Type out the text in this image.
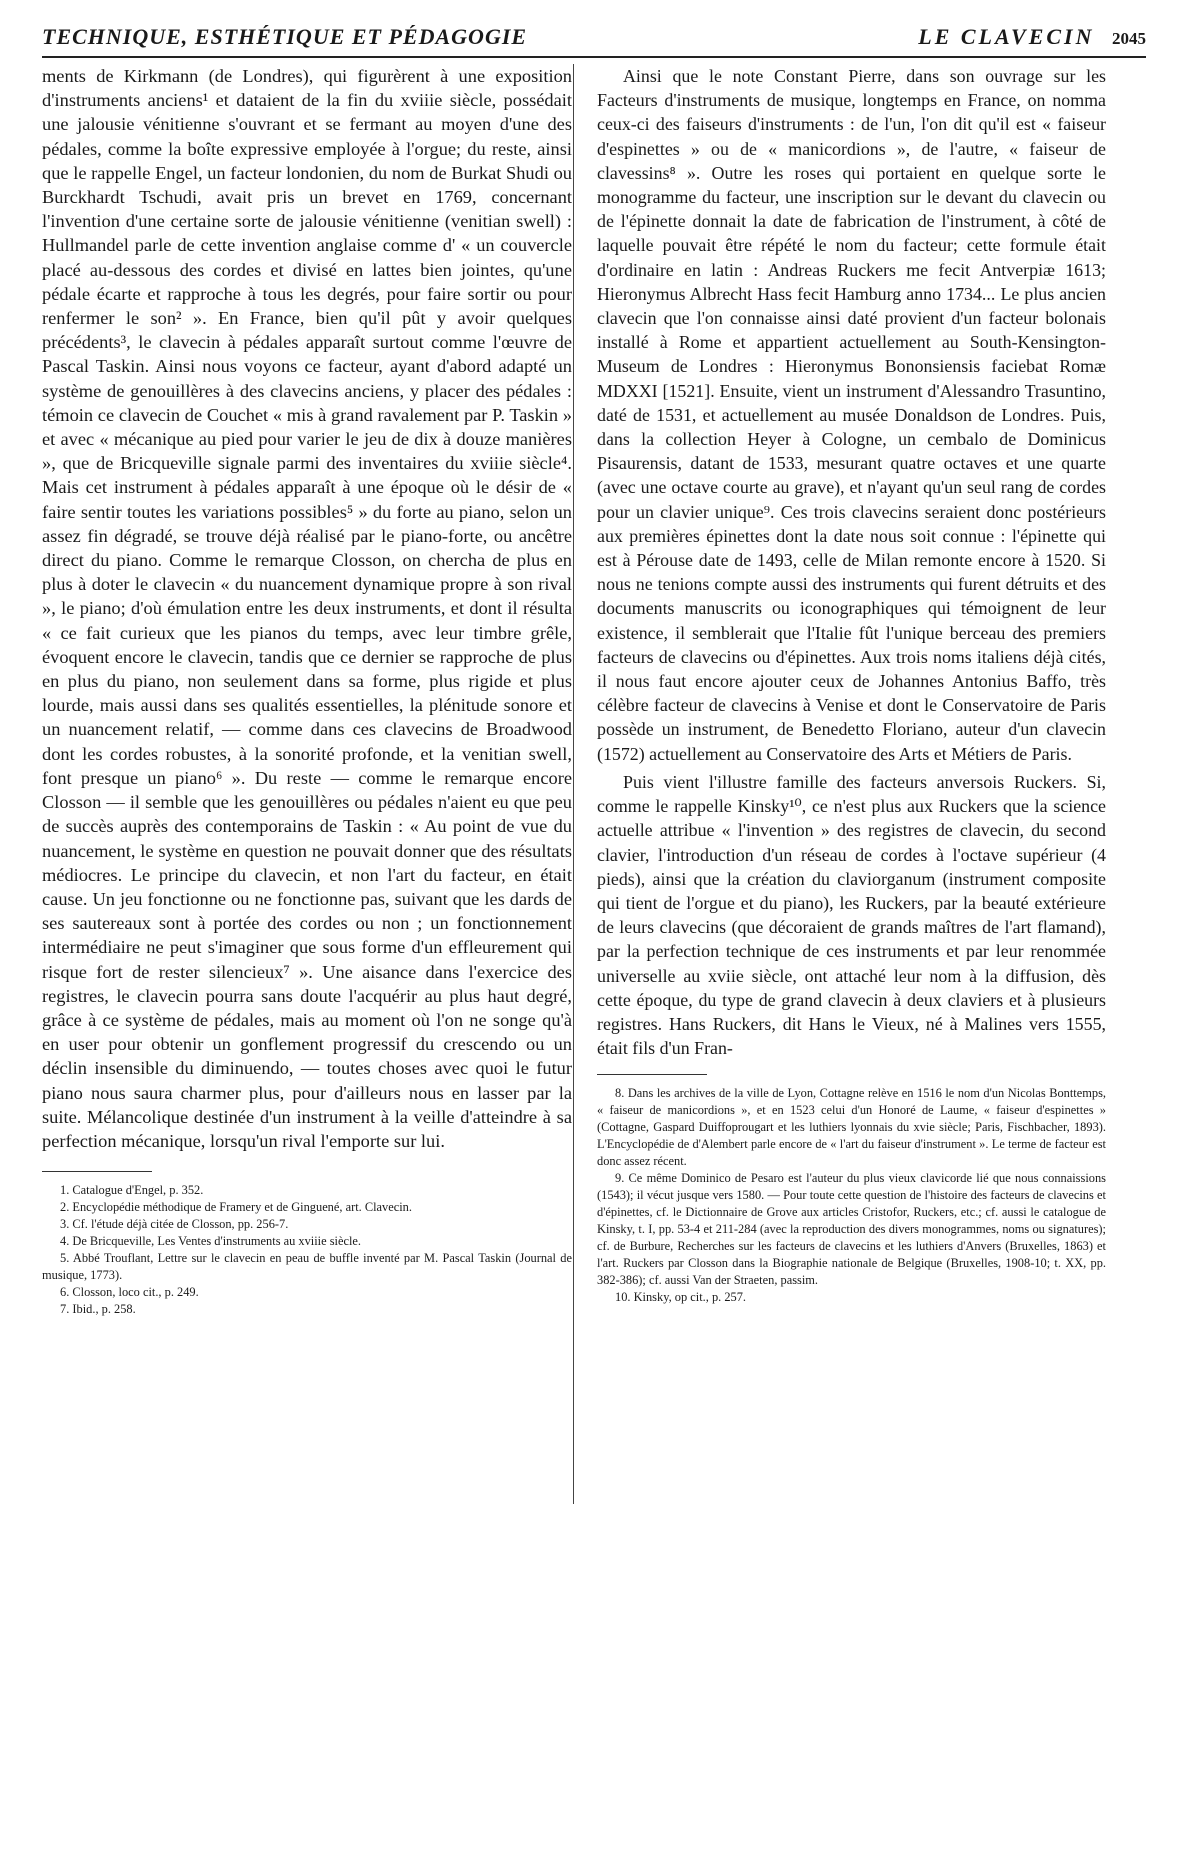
TECHNIQUE, ESTHÉTIQUE ET PÉDAGOGIE	LE CLAVECIN 2045

ments de Kirkmann (de Londres), qui figurèrent à une exposition d'instruments anciens¹ et dataient de la fin du xviiie siècle, possédait une jalousie vénitienne s'ouvrant et se fermant au moyen d'une des pédales, comme la boîte expressive employée à l'orgue; du reste, ainsi que le rappelle Engel, un facteur londonien, du nom de Burkat Shudi ou Burckhardt Tschudi, avait pris un brevet en 1769, concernant l'invention d'une certaine sorte de jalousie vénitienne (venitian swell) : Hullmandel parle de cette invention anglaise comme d' « un couvercle placé au-dessous des cordes et divisé en lattes bien jointes, qu'une pédale écarte et rapproche à tous les degrés, pour faire sortir ou pour renfermer le son² ». En France, bien qu'il pût y avoir quelques précédents³, le clavecin à pédales apparaît surtout comme l'œuvre de Pascal Taskin. Ainsi nous voyons ce facteur, ayant d'abord adapté un système de genouillères à des clavecins anciens, y placer des pédales : témoin ce clavecin de Couchet « mis à grand ravalement par P. Taskin » et avec « mécanique au pied pour varier le jeu de dix à douze manières », que de Bricqueville signale parmi des inventaires du xviiie siècle⁴. Mais cet instrument à pédales apparaît à une époque où le désir de « faire sentir toutes les variations possibles⁵ » du forte au piano, selon un assez fin dégradé, se trouve déjà réalisé par le piano-forte, ou ancêtre direct du piano. Comme le remarque Closson, on chercha de plus en plus à doter le clavecin « du nuancement dynamique propre à son rival », le piano; d'où émulation entre les deux instruments, et dont il résulta « ce fait curieux que les pianos du temps, avec leur timbre grêle, évoquent encore le clavecin, tandis que ce dernier se rapproche de plus en plus du piano, non seulement dans sa forme, plus rigide et plus lourde, mais aussi dans ses qualités essentielles, la plénitude sonore et un nuancement relatif, — comme dans ces clavecins de Broadwood dont les cordes robustes, à la sonorité profonde, et la venitian swell, font presque un piano⁶ ». Du reste — comme le remarque encore Closson — il semble que les genouillères ou pédales n'aient eu que peu de succès auprès des contemporains de Taskin : « Au point de vue du nuancement, le système en question ne pouvait donner que des résultats médiocres. Le principe du clavecin, et non l'art du facteur, en était cause. Un jeu fonctionne ou ne fonctionne pas, suivant que les dards de ses sautereaux sont à portée des cordes ou non ; un fonctionnement intermédiaire ne peut s'imaginer que sous forme d'un effleurement qui risque fort de rester silencieux⁷ ». Une aisance dans l'exercice des registres, le clavecin pourra sans doute l'acquérir au plus haut degré, grâce à ce système de pédales, mais au moment où l'on ne songe qu'à en user pour obtenir un gonflement progressif du crescendo ou un déclin insensible du diminuendo, — toutes choses avec quoi le futur piano nous saura charmer plus, pour d'ailleurs nous en lasser par la suite. Mélancolique destinée d'un instrument à la veille d'atteindre à sa perfection mécanique, lorsqu'un rival l'emporte sur lui.

1. Catalogue d'Engel, p. 352.
2. Encyclopédie méthodique de Framery et de Ginguené, art. Clavecin.
3. Cf. l'étude déjà citée de Closson, pp. 256-7.
4. De Bricqueville, Les Ventes d'instruments au xviiie siècle.
5. Abbé Trouflant, Lettre sur le clavecin en peau de buffle inventé par M. Pascal Taskin (Journal de musique, 1773).
6. Closson, loco cit., p. 249.
7. Ibid., p. 258.

Ainsi que le note Constant Pierre, dans son ouvrage sur les Facteurs d'instruments de musique, longtemps en France, on nomma ceux-ci des faiseurs d'instruments : de l'un, l'on dit qu'il est « faiseur d'espinettes » ou de « manicordions », de l'autre, « faiseur de clavessins⁸ ». Outre les roses qui portaient en quelque sorte le monogramme du facteur, une inscription sur le devant du clavecin ou de l'épinette donnait la date de fabrication de l'instrument, à côté de laquelle pouvait être répété le nom du facteur; cette formule était d'ordinaire en latin : Andreas Ruckers me fecit Antverpiæ 1613; Hieronymus Albrecht Hass fecit Hamburg anno 1734... Le plus ancien clavecin que l'on connaisse ainsi daté provient d'un facteur bolonais installé à Rome et appartient actuellement au South-Kensington-Museum de Londres : Hieronymus Bononsiensis faciebat Romæ MDXXI [1521]. Ensuite, vient un instrument d'Alessandro Trasuntino, daté de 1531, et actuellement au musée Donaldson de Londres. Puis, dans la collection Heyer à Cologne, un cembalo de Dominicus Pisaurensis, datant de 1533, mesurant quatre octaves et une quarte (avec une octave courte au grave), et n'ayant qu'un seul rang de cordes pour un clavier unique⁹. Ces trois clavecins seraient donc postérieurs aux premières épinettes dont la date nous soit connue : l'épinette qui est à Pérouse date de 1493, celle de Milan remonte encore à 1520. Si nous ne tenions compte aussi des instruments qui furent détruits et des documents manuscrits ou iconographiques qui témoignent de leur existence, il semblerait que l'Italie fût l'unique berceau des premiers facteurs de clavecins ou d'épinettes. Aux trois noms italiens déjà cités, il nous faut encore ajouter ceux de Johannes Antonius Baffo, très célèbre facteur de clavecins à Venise et dont le Conservatoire de Paris possède un instrument, de Benedetto Floriano, auteur d'un clavecin (1572) actuellement au Conservatoire des Arts et Métiers de Paris.

Puis vient l'illustre famille des facteurs anversois Ruckers. Si, comme le rappelle Kinsky¹⁰, ce n'est plus aux Ruckers que la science actuelle attribue « l'invention » des registres de clavecin, du second clavier, l'introduction d'un réseau de cordes à l'octave supérieur (4 pieds), ainsi que la création du claviorganum (instrument composite qui tient de l'orgue et du piano), les Ruckers, par la beauté extérieure de leurs clavecins (que décoraient de grands maîtres de l'art flamand), par la perfection technique de ces instruments et par leur renommée universelle au xviie siècle, ont attaché leur nom à la diffusion, dès cette époque, du type de grand clavecin à deux claviers et à plusieurs registres. Hans Ruckers, dit Hans le Vieux, né à Malines vers 1555, était fils d'un Fran-

8. Dans les archives de la ville de Lyon, Cottagne relève en 1516 le nom d'un Nicolas Bonttemps, « faiseur de manicordions », et en 1523 celui d'un Honoré de Laume, « faiseur d'espinettes » (Cottagne, Gaspard Duiffoprougart et les luthiers lyonnais du xvie siècle; Paris, Fischbacher, 1893). L'Encyclopédie de d'Alembert parle encore de « l'art du faiseur d'instrument ». Le terme de facteur est donc assez récent.
9. Ce même Dominico de Pesaro est l'auteur du plus vieux clavicorde lié que nous connaissions (1543); il vécut jusque vers 1580. — Pour toute cette question de l'histoire des facteurs de clavecins et d'épinettes, cf. le Dictionnaire de Grove aux articles Cristofor, Ruckers, etc.; cf. aussi le catalogue de Kinsky, t. I, pp. 53-4 et 211-284 (avec la reproduction des divers monogrammes, noms ou signatures); cf. de Burbure, Recherches sur les facteurs de clavecins et les luthiers d'Anvers (Bruxelles, 1863) et l'art. Ruckers par Closson dans la Biographie nationale de Belgique (Bruxelles, 1908-10; t. XX, pp. 382-386); cf. aussi Van der Straeten, passim.
10. Kinsky, op cit., p. 257.
